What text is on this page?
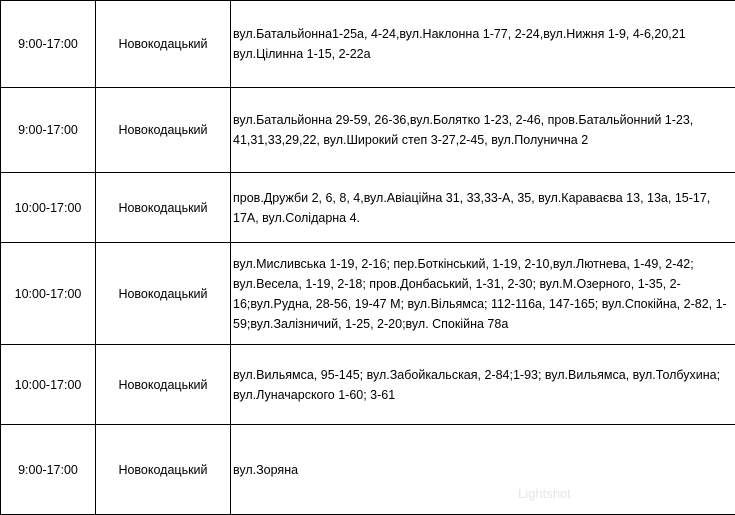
9:00-17:00	Новокодацький	вул.Батальйонна1-25а, 4-24,вул.Наклонна 1-77, 2-24,вул.Нижня 1-9, 4-6,20,21
вул.Цілинна 1-15, 2-22а

9:00-17:00	Новокодацький	вул.Батальйонна 29-59, 26-36,вул.Болятко 1-23, 2-46, пров.Батальйонний 1-23,
41,31,33,29,22, вул.Широкий степ 3-27,2-45, вул.Полунична 2

10:00-17:00	Новокодацький	пров.Дружби 2, 6, 8, 4,вул.Авіаційна 31, 33,33-А, 35, вул.Караваєва 13, 13а, 15-17,
17А, вул.Солідарна 4.

10:00-17:00	Новокодацький	вул.Мисливська 1-19, 2-16; пер.Боткінський, 1-19, 2-10,вул.Лютнева, 1-49, 2-42;
вул.Весела, 1-19, 2-18; пров.Донбаський, 1-31, 2-30; вул.М.Озерного, 1-35, 2-
16;вул.Рудна, 28-56, 19-47 М; вул.Вільямса; 112-116а, 147-165; вул.Спокійна, 2-82, 1-
59;вул.Залізничий, 1-25, 2-20;вул. Спокійна 78а

10:00-17:00	Новокодацький	вул.Вильямса, 95-145; вул.Забойкальская, 2-84;1-93; вул.Вильямса, вул.Толбухина;
вул.Луначарского 1-60; 3-61

9:00-17:00	Новокодацький	вул.Зоряна
Lightshot
